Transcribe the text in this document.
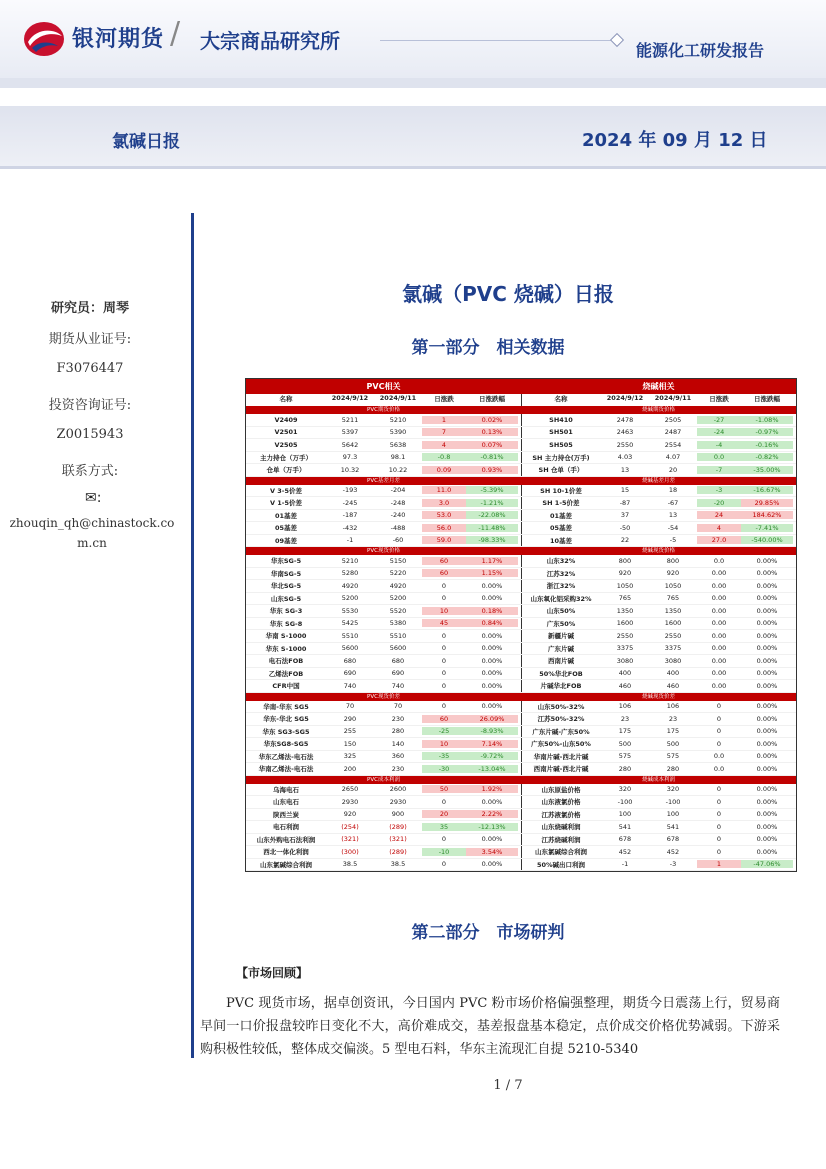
银河期货 / 大宗商品研究所	能源化工研发报告
氯碱日报	2024 年 09 月 12 日
研究员：周琴
期货从业证号:
F3076447
投资咨询证号:
Z0015943
联系方式:
✉:
zhouqin_qh@chinastock.com.cn
氯碱（PVC 烧碱）日报
第一部分　相关数据
PVC相关
名称	2024/9/12	2024/9/11	日涨跌	日涨跌幅
PVC期货价格
V2409	5211	5210	1	0.02%
V2501	5397	5390	7	0.13%
V2505	5642	5638	4	0.07%
主力持仓（万手）	97.3	98.1	-0.8	-0.81%
仓单（万手）	10.32	10.22	0.09	0.93%
PVC基差月差
V 3-5价差	-193	-204	11.0	-5.39%
V 1-5价差	-245	-248	3.0	-1.21%
01基差	-187	-240	53.0	-22.08%
05基差	-432	-488	56.0	-11.48%
09基差	-1	-60	59.0	-98.33%
PVC现货价格
华东SG-5	5210	5150	60	1.17%
华南SG-5	5280	5220	60	1.15%
华北SG-5	4920	4920	0	0.00%
山东SG-5	5200	5200	0	0.00%
华东 SG-3	5530	5520	10	0.18%
华东 SG-8	5425	5380	45	0.84%
华南 S-1000	5510	5510	0	0.00%
华东 S-1000	5600	5600	0	0.00%
电石法FOB	680	680	0	0.00%
乙烯法FOB	690	690	0	0.00%
CFR中国	740	740	0	0.00%
PVC现货价差
华南-华东 SG5	70	70	0	0.00%
华东-华北 SG5	290	230	60	26.09%
华东 SG3-SG5	255	280	-25	-8.93%
华东SG8-SG5	150	140	10	7.14%
华东乙烯法-电石法	325	360	-35	-9.72%
华南乙烯法-电石法	200	230	-30	-13.04%
PVC成本利润
乌海电石	2650	2600	50	1.92%
山东电石	2930	2930	0	0.00%
陕西兰炭	920	900	20	2.22%
电石利润	(254)	(289)	35	-12.13%
山东外购电石法利润	(321)	(321)	0	0.00%
西北一体化利润	(300)	(289)	-10	3.54%
山东氯碱综合利润	38.5	38.5	0	0.00%
烧碱相关
名称	2024/9/12	2024/9/11	日涨跌	日涨跌幅
烧碱期货价格
SH410	2478	2505	-27	-1.08%
SH501	2463	2487	-24	-0.97%
SH505	2550	2554	-4	-0.16%
SH 主力持仓(万手)	4.03	4.07	0.0	-0.82%
SH 仓单（手）	13	20	-7	-35.00%
烧碱基差月差
SH 10-1价差	15	18	-3	-16.67%
SH 1-5价差	-87	-67	-20	29.85%
01基差	37	13	24	184.62%
05基差	-50	-54	4	-7.41%
10基差	22	-5	27.0	-540.00%
烧碱现货价格
山东32%	800	800	0.0	0.00%
江苏32%	920	920	0.00	0.00%
浙江32%	1050	1050	0.00	0.00%
山东氧化铝采购32%	765	765	0.00	0.00%
山东50%	1350	1350	0.00	0.00%
广东50%	1600	1600	0.00	0.00%
新疆片碱	2550	2550	0.00	0.00%
广东片碱	3375	3375	0.00	0.00%
西南片碱	3080	3080	0.00	0.00%
50%华北FOB	400	400	0.00	0.00%
片碱华北FOB	460	460	0.00	0.00%
烧碱现货价差
山东50%-32%	106	106	0	0.00%
江苏50%-32%	23	23	0	0.00%
广东片碱-广东50%	175	175	0	0.00%
广东50%-山东50%	500	500	0	0.00%
华南片碱-西北片碱	575	575	0.0	0.00%
西南片碱-西北片碱	280	280	0.0	0.00%
烧碱成本利润
山东原盐价格	320	320	0	0.00%
山东液氯价格	-100	-100	0	0.00%
江苏液氯价格	100	100	0	0.00%
山东烧碱利润	541	541	0	0.00%
江苏烧碱利润	678	678	0	0.00%
山东氯碱综合利润	452	452	0	0.00%
50%碱出口利润	-1	-3	1	-47.06%
第二部分　市场研判
【市场回顾】
PVC 现货市场，据卓创资讯，今日国内 PVC 粉市场价格偏强整理，期货今日震荡上行，贸易商早间一口价报盘较昨日变化不大，高价难成交，基差报盘基本稳定，点价成交价格优势减弱。下游采购积极性较低，整体成交偏淡。5 型电石料，华东主流现汇自提 5210-5340
1 / 7
